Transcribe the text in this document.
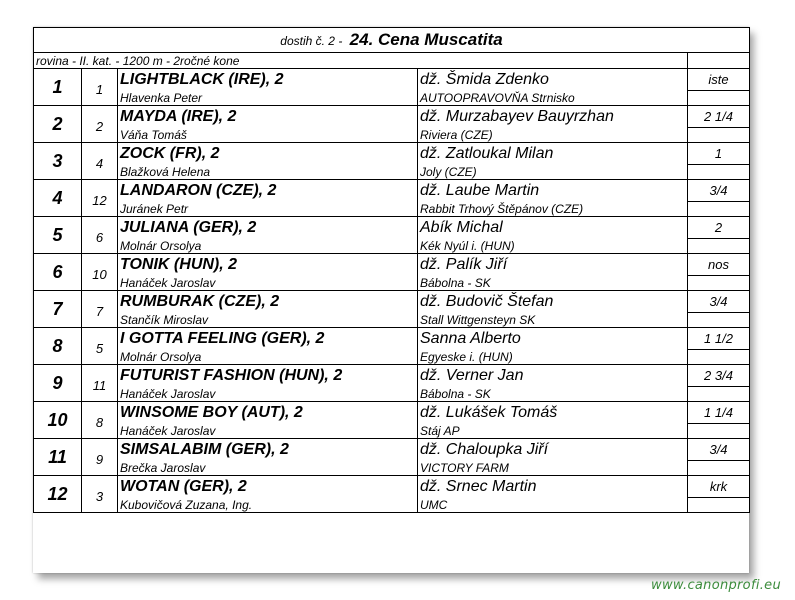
dostih č. 2 - 24. Cena Muscatita				
rovina - II. kat. - 1200 m - 2ročné kone				
1	1	LIGHTBLACK (IRE), 2	dž. Šmida Zdenko	iste
		Hlavenka Peter	AUTOOPRAVOVŇA Strnisko	
2	2	MAYDA (IRE), 2	dž. Murzabayev Bauyrzhan	2 1/4
		Váňa Tomáš	Riviera (CZE)	
3	4	ZOCK (FR), 2	dž. Zatloukal Milan	1
		Blažková Helena	Joly (CZE)	
4	12	LANDARON (CZE), 2	dž. Laube Martin	3/4
		Juránek Petr	Rabbit Trhový Štěpánov (CZE)	
5	6	JULIANA (GER), 2	Abík Michal	2
		Molnár Orsolya	Kék Nyúl i. (HUN)	
6	10	TONIK (HUN), 2	dž. Palík Jiří	nos
		Hanáček Jaroslav	Bábolna - SK	
7	7	RUMBURAK (CZE), 2	dž. Budovič Štefan	3/4
		Stančík Miroslav	Stall Wittgensteyn SK	
8	5	I GOTTA FEELING (GER), 2	Sanna Alberto	1 1/2
		Molnár Orsolya	Egyeske i. (HUN)	
9	11	FUTURIST FASHION (HUN), 2	dž. Verner Jan	2 3/4
		Hanáček Jaroslav	Bábolna - SK	
10	8	WINSOME BOY (AUT), 2	dž. Lukášek Tomáš	1 1/4
		Hanáček Jaroslav	Stáj AP	
11	9	SIMSALABIM (GER), 2	dž. Chaloupka Jiří	3/4
		Brečka Jaroslav	VICTORY FARM	
12	3	WOTAN (GER), 2	dž. Srnec Martin	krk
		Kubovičová Zuzana, Ing.	UMC	
www.canonprofi.eu
